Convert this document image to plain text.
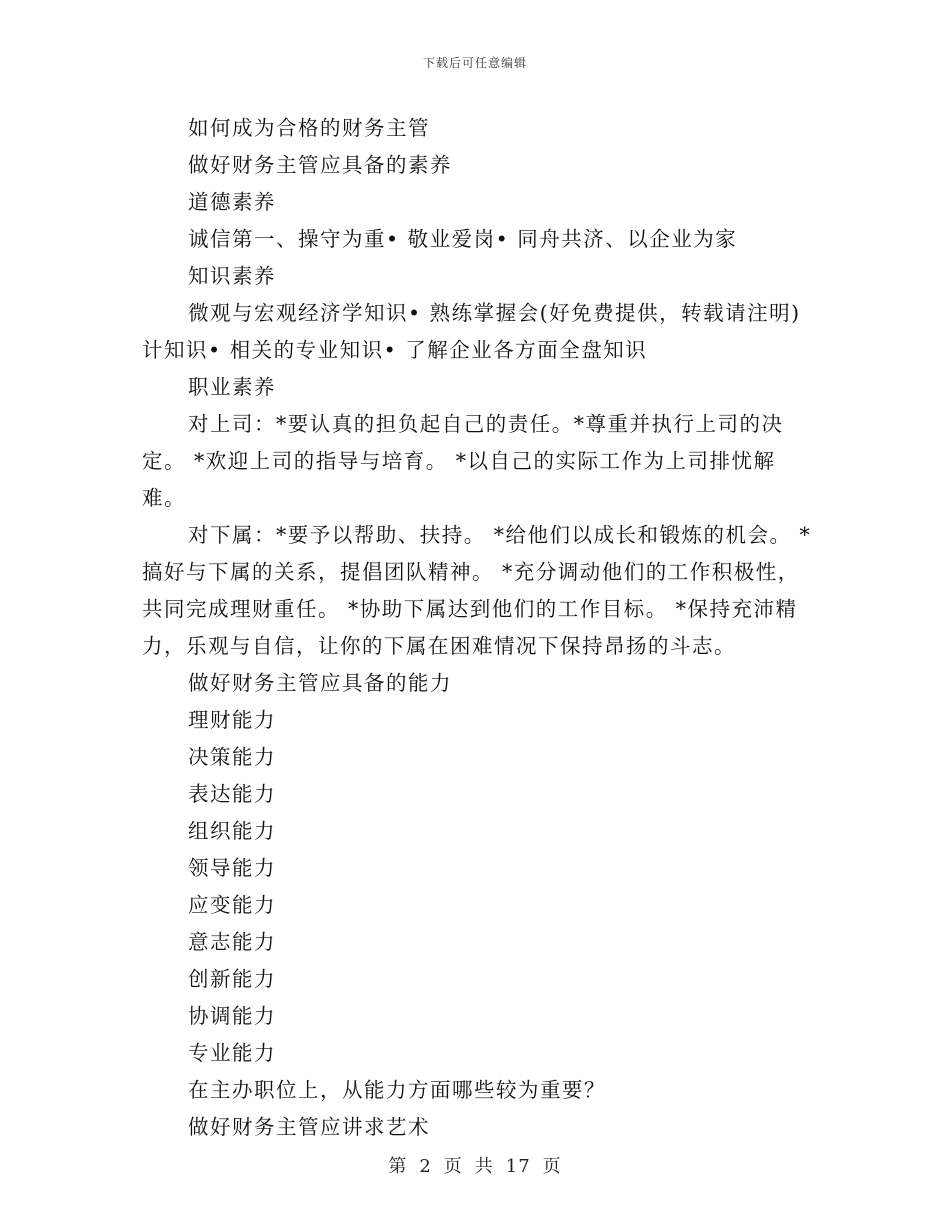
下载后可任意编辑

如何成为合格的财务主管

做好财务主管应具备的素养

道德素养

诚信第一、操守为重• 敬业爱岗• 同舟共济、以企业为家

知识素养

微观与宏观经济学知识• 熟练掌握会(好免费提供，转载请注明)计知识• 相关的专业知识• 了解企业各方面全盘知识

职业素养

对上司：*要认真的担负起自己的责任。*尊重并执行上司的决定。 *欢迎上司的指导与培育。 *以自己的实际工作为上司排忧解难。

对下属：*要予以帮助、扶持。 *给他们以成长和锻炼的机会。 *搞好与下属的关系，提倡团队精神。 *充分调动他们的工作积极性，共同完成理财重任。 *协助下属达到他们的工作目标。 *保持充沛精力，乐观与自信，让你的下属在困难情况下保持昂扬的斗志。

做好财务主管应具备的能力

理财能力

决策能力

表达能力

组织能力

领导能力

应变能力

意志能力

创新能力

协调能力

专业能力

在主办职位上，从能力方面哪些较为重要？

做好财务主管应讲求艺术

第 2 页 共 17 页
